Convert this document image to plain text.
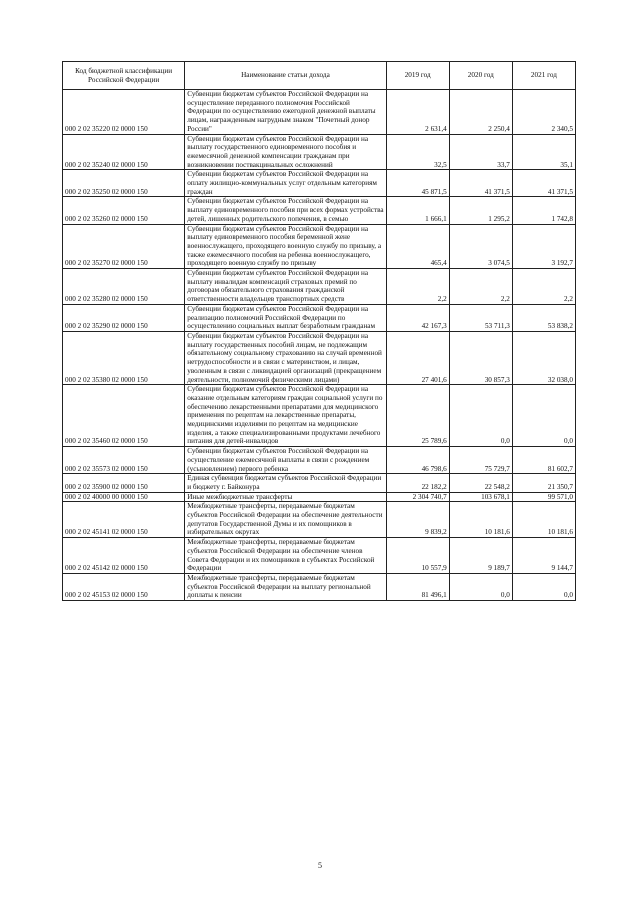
Код бюджетной классификации Российской Федерации	Наименование статьи дохода	2019 год	2020 год	2021 год
000 2 02 35220 02 0000 150	Субвенции бюджетам субъектов Российской Федерации на осуществление переданного полномочия Российской Федерации по осуществлению ежегодной денежной выплаты лицам, награжденным нагрудным знаком "Почетный донор России"	2 631,4	2 250,4	2 340,5
000 2 02 35240 02 0000 150	Субвенции бюджетам субъектов Российской Федерации на выплату государственного единовременного пособия и ежемесячной денежной компенсации гражданам при возникновении поствакцинальных осложнений	32,5	33,7	35,1
000 2 02 35250 02 0000 150	Субвенции бюджетам субъектов Российской Федерации на оплату жилищно-коммунальных услуг отдельным категориям граждан	45 871,5	41 371,5	41 371,5
000 2 02 35260 02 0000 150	Субвенции бюджетам субъектов Российской Федерации на выплату единовременного пособия при всех формах устройства детей, лишенных родительского попечения, в семью	1 666,1	1 295,2	1 742,8
000 2 02 35270 02 0000 150	Субвенции бюджетам субъектов Российской Федерации на выплату единовременного пособия беременной жене военнослужащего, проходящего военную службу по призыву, а также ежемесячного пособия на ребенка военнослужащего, проходящего военную службу по призыву	465,4	3 074,5	3 192,7
000 2 02 35280 02 0000 150	Субвенции бюджетам субъектов Российской Федерации на выплату инвалидам компенсаций страховых премий по договорам обязательного страхования гражданской ответственности владельцев транспортных средств	2,2	2,2	2,2
000 2 02 35290 02 0000 150	Субвенции бюджетам субъектов Российской Федерации на реализацию полномочий Российской Федерации по осуществлению социальных выплат безработным гражданам	42 167,3	53 711,3	53 838,2
000 2 02 35380 02 0000 150	Субвенции бюджетам субъектов Российской Федерации на выплату государственных пособий лицам, не подлежащим обязательному социальному страхованию на случай временной нетрудоспособности и в связи с материнством, и лицам, уволенным в связи с ликвидацией организаций (прекращением деятельности, полномочий физическими лицами)	27 401,6	30 857,3	32 038,0
000 2 02 35460 02 0000 150	Субвенции бюджетам субъектов Российской Федерации на оказание отдельным категориям граждан социальной услуги по обеспечению лекарственными препаратами для медицинского применения по рецептам на лекарственные препараты, медицинскими изделиями по рецептам на медицинские изделия, а также специализированными продуктами лечебного питания для детей-инвалидов	25 789,6	0,0	0,0
000 2 02 35573 02 0000 150	Субвенции бюджетам субъектов Российской Федерации на осуществление ежемесячной выплаты в связи с рождением (усыновлением) первого ребенка	46 798,6	75 729,7	81 602,7
000 2 02 35900 02 0000 150	Единая субвенция бюджетам субъектов Российской Федерации и бюджету г. Байконура	22 182,2	22 548,2	21 350,7
000 2 02 40000 00 0000 150	Иные межбюджетные трансферты	2 304 740,7	103 678,1	99 571,0
000 2 02 45141 02 0000 150	Межбюджетные трансферты, передаваемые бюджетам субъектов Российской Федерации на обеспечение деятельности депутатов Государственной Думы и их помощников в избирательных округах	9 839,2	10 181,6	10 181,6
000 2 02 45142 02 0000 150	Межбюджетные трансферты, передаваемые бюджетам субъектов Российской Федерации на обеспечение членов Совета Федерации и их помощников в субъектах Российской Федерации	10 557,9	9 189,7	9 144,7
000 2 02 45153 02 0000 150	Межбюджетные трансферты, передаваемые бюджетам субъектов Российской Федерации на выплату региональной доплаты к пенсии	81 496,1	0,0	0,0
5
